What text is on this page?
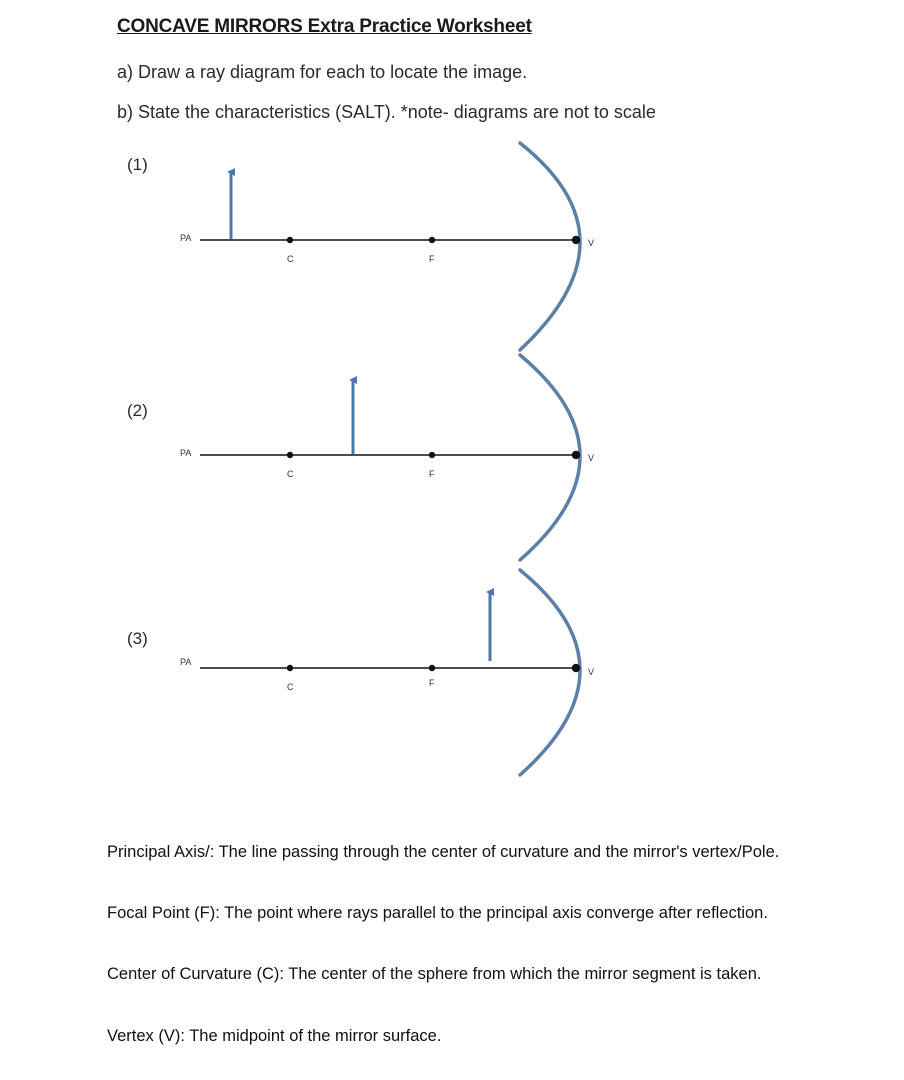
CONCAVE MIRRORS Extra Practice Worksheet
a) Draw a ray diagram for each to locate the image.
b) State the characteristics (SALT). *note- diagrams are not to scale
(1)
(2)
(3)
PA
C	F
V
PA
C	F
V
PA
C	F
V
Principal Axis/: The line passing through the center of curvature and the mirror's vertex/Pole.
Focal Point (F): The point where rays parallel to the principal axis converge after reflection.
Center of Curvature (C): The center of the sphere from which the mirror segment is taken.
Vertex (V): The midpoint of the mirror surface.
